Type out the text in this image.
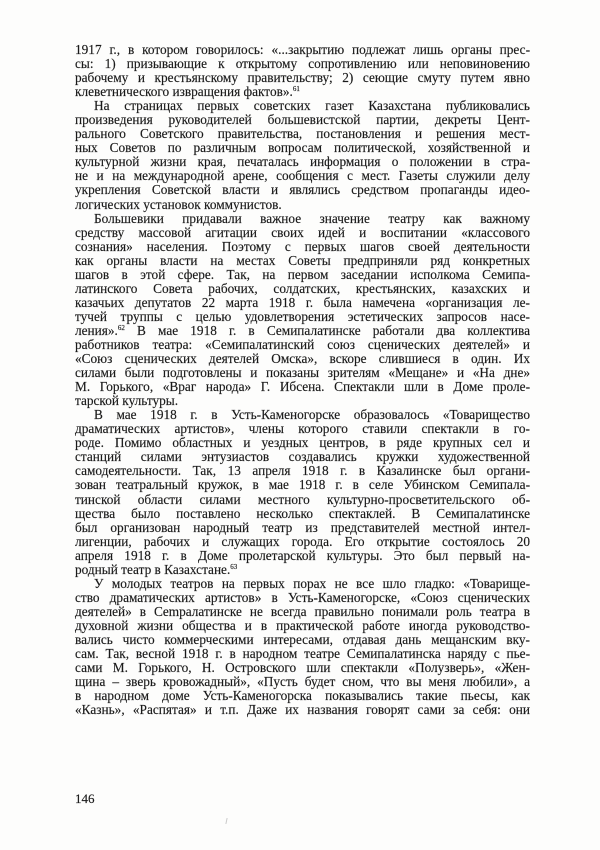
1917 г., в котором говорилось: «...закрытию подлежат лишь органы прес-
сы: 1) призывающие к открытому сопротивлению или неповиновению
рабочему и крестьянскому правительству; 2) сеющие смуту путем явно
клеветнического извращения фактов».$^{61}$
На страницах первых советских газет Казахстана публиковались
произведения руководителей большевистской партии, декреты Цент-
рального Советского правительства, постановления и решения мест-
ных Советов по различным вопросам политической, хозяйственной и
культурной жизни края, печаталась информация о положении в стра-
не и на международной арене, сообщения с мест. Газеты служили делу
укрепления Советской власти и являлись средством пропаганды идео-
логических установок коммунистов.
Большевики придавали важное значение театру как важному
средству массовой агитации своих идей и воспитании «классового
сознания» населения. Поэтому с первых шагов своей деятельности
как органы власти на местах Советы предприняли ряд конкретных
шагов в этой сфере. Так, на первом заседании исполкома Семипа-
латинского Совета рабочих, солдатских, крестьянских, казахских и
казачьих депутатов 22 марта 1918 г. была намечена «организация ле-
тучей труппы с целью удовлетворения эстетических запросов насе-
ления».$^{62}$ В мае 1918 г. в Семипалатинске работали два коллектива
работников театра: «Семипалатинский союз сценических деятелей» и
«Союз сценических деятелей Омска», вскоре слившиеся в один. Их
силами были подготовлены и показаны зрителям «Мещане» и «На дне»
М. Горького, «Враг народа» Г. Ибсена. Спектакли шли в Доме проле-
тарской культуры.
В мае 1918 г. в Усть-Каменогорске образовалось «Товарищество
драматических артистов», члены которого ставили спектакли в го-
роде. Помимо областных и уездных центров, в ряде крупных сел и
станций силами энтузиастов создавались кружки художественной
самодеятельности. Так, 13 апреля 1918 г. в Казалинске был органи-
зован театральный кружок, в мае 1918 г. в селе Убинском Семипала-
тинской области силами местного культурно-просветительского об-
щества было поставлено несколько спектаклей. В Семипалатинске
был организован народный театр из представителей местной интел-
лигенции, рабочих и служащих города. Его открытие состоялось 20
апреля 1918 г. в Доме пролетарской культуры. Это был первый на-
родный театр в Казахстане.$^{63}$
У молодых театров на первых порах не все шло гладко: «Товарище-
ство драматических артистов» в Усть-Каменогорске, «Союз сценических
деятелей» в Сempалатинске не всегда правильно понимали роль театра в
духовной жизни общества и в практической работе иногда руководство-
вались чисто коммерческими интересами, отдавая дань мещанским вку-
сам. Так, весной 1918 г. в народном театре Семипалатинска наряду с пье-
сами М. Горького, Н. Островского шли спектакли «Полузверь», «Жен-
щина – зверь кровожадный», «Пусть будет сном, что вы меня любили», а
в народном доме Усть-Каменогорска показывались такие пьесы, как
«Казнь», «Распятая» и т.п. Даже их названия говорят сами за себя: они
146
